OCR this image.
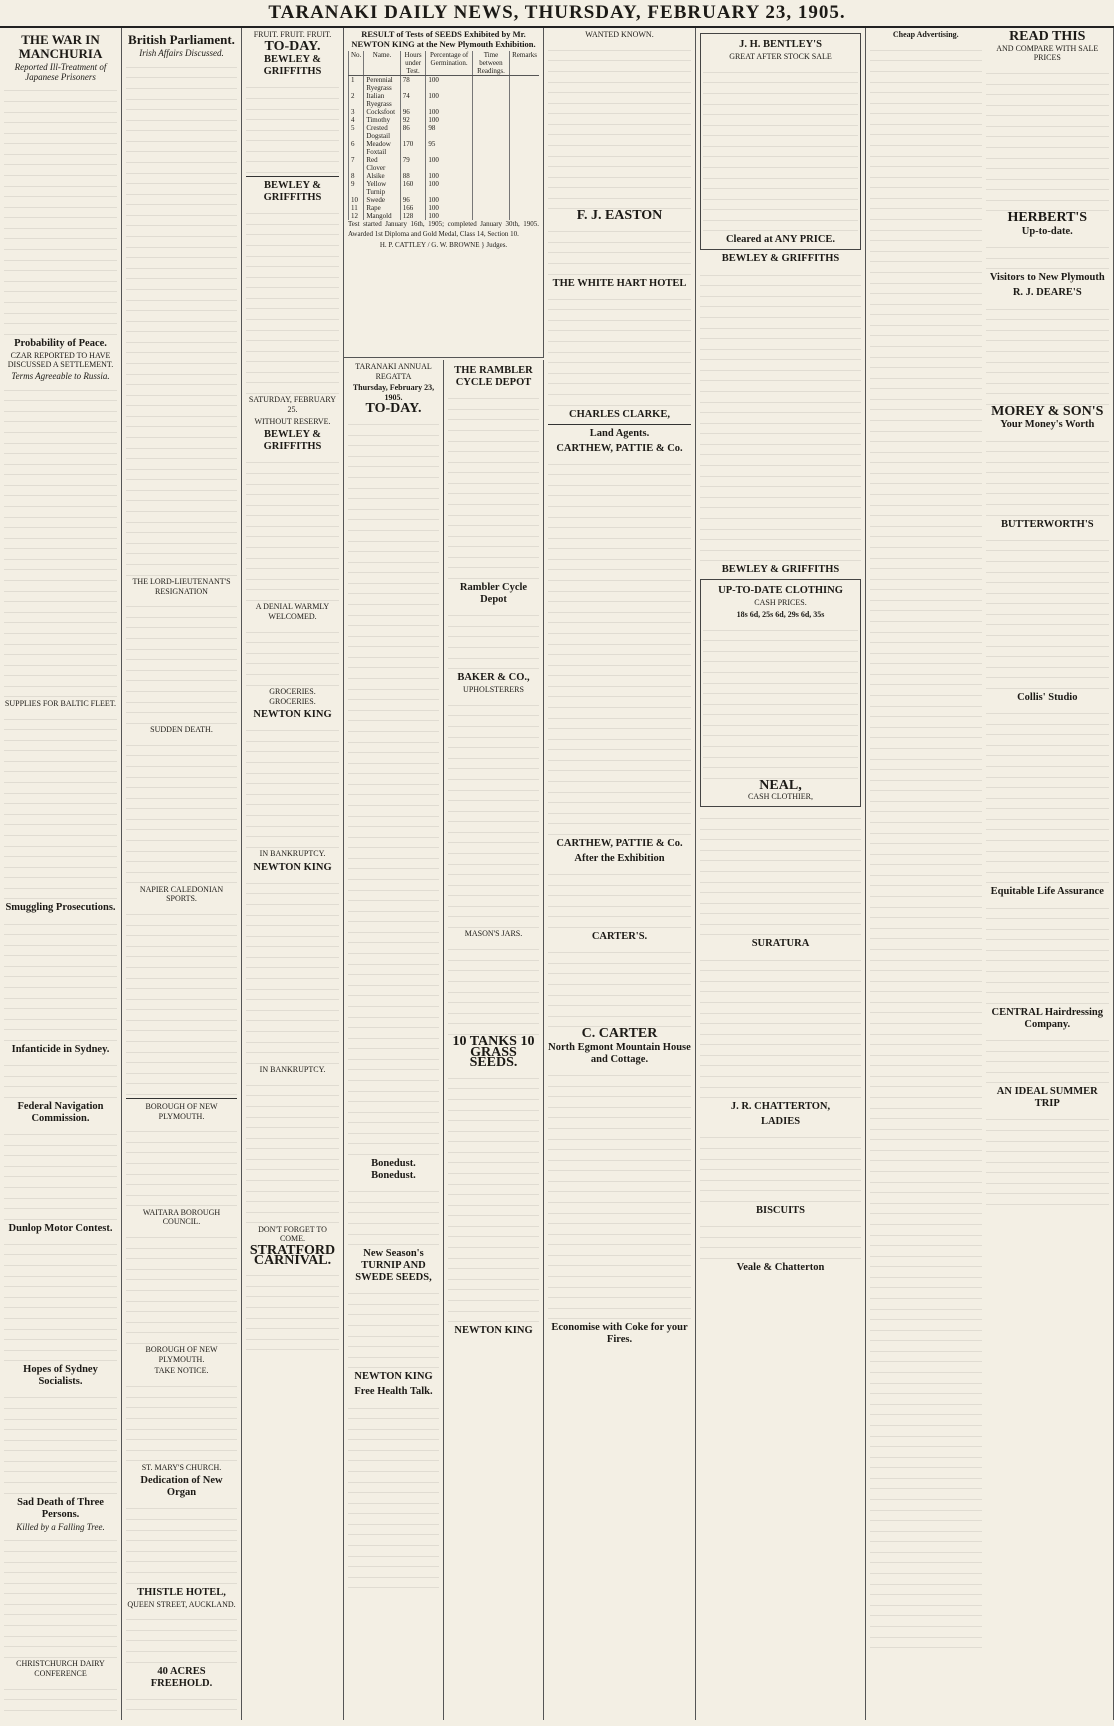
TARANAKI DAILY NEWS, THURSDAY, FEBRUARY 23, 1905.
THE WAR IN MANCHURIA
Reported Ill-Treatment of Japanese Prisoners
Probability of Peace.

CZAR REPORTED TO HAVE DISCUSSED A SETTLEMENT.

Terms Agreeable to Russia.

SUPPLIES FOR BALTIC FLEET.

Smuggling Prosecutions.
Infanticide in Sydney.
Federal Navigation Commission.
Dunlop Motor Contest.
Hopes of Sydney Socialists.
Sad Death of Three Persons.
Killed by a Falling Tree.

CHRISTCHURCH DAIRY CONFERENCE

British Parliament.
Irish Affairs Discussed.

THE LORD-LIEUTENANT'S RESIGNATION

SUDDEN DEATH.

NAPIER CALEDONIAN SPORTS.

BOROUGH OF NEW PLYMOUTH.

WAITARA BOROUGH COUNCIL.

BOROUGH OF NEW PLYMOUTH.

TAKE NOTICE.

ST. MARY'S CHURCH.

Dedication of New Organ
THISTLE HOTEL,

QUEEN STREET, AUCKLAND.

40 ACRES FREEHOLD.

FRUIT. FRUIT. FRUIT.

TO-DAY.
BEWLEY & GRIFFITHS
BEWLEY & GRIFFITHS

SATURDAY, FEBRUARY 25.

WITHOUT RESERVE.

BEWLEY & GRIFFITHS

A DENIAL WARMLY WELCOMED.

GROCERIES. GROCERIES.

NEWTON KING

IN BANKRUPTCY.

NEWTON KING

IN BANKRUPTCY.

DON'T FORGET TO COME.

STRATFORD CARNIVAL.

RESULT of Tests of SEEDS Exhibited by Mr. NEWTON KING at the New Plymouth Exhibition.

No.	Name.	Hours under Test.	Percentage of Germination.	Time between Readings.	Remarks
1	Perennial Ryegrass	78	100		
2	Italian Ryegrass	74	100		
3	Cocksfoot	96	100		
4	Timothy	92	100		
5	Crested Dogstail	86	98		
6	Meadow Foxtail	170	95		
7	Red Clover	79	100		
8	Alsike	88	100		
9	Yellow Turnip	160	100		
10	Swede	96	100		
11	Rape	166	100		
12	Mangold	128	100		

Test started January 16th, 1905; completed January 30th, 1905. Awarded 1st Diploma and Gold Medal, Class 14, Section 10.

H. P. CATTLEY / G. W. BROWNE } Judges.

TARANAKI ANNUAL REGATTA

Thursday, February 23, 1905.

TO-DAY.
Bonedust. Bonedust.
New Season's TURNIP AND SWEDE SEEDS,
NEWTON KING
Free Health Talk.
THE RAMBLER CYCLE DEPOT
Rambler Cycle Depot
BAKER & CO.,

UPHOLSTERERS

MASON'S JARS.

10 TANKS 10
GRASS SEEDS.
NEWTON KING

WANTED KNOWN.

F. J. EASTON
THE WHITE HART HOTEL
CHARLES CLARKE,
Land Agents.
CARTHEW, PATTIE & Co.
CARTHEW, PATTIE & Co.
After the Exhibition
CARTER'S.
C. CARTER
North Egmont Mountain House and Cottage.
Economise with Coke for your Fires.
J. H. BENTLEY'S

GREAT AFTER STOCK SALE

Cleared at ANY PRICE.
BEWLEY & GRIFFITHS
BEWLEY & GRIFFITHS
UP-TO-DATE CLOTHING

CASH PRICES.

18s 6d, 25s 6d, 29s 6d, 35s

NEAL,

CASH CLOTHIER,

SURATURA
J. R. CHATTERTON,
LADIES
BISCUITS
Veale & Chatterton

Cheap Advertising.	READ THIS

AND COMPARE WITH SALE PRICES

HERBERT'S
Up-to-date.
Visitors to New Plymouth
R. J. DEARE'S
MOREY & SON'S
Your Money's Worth
BUTTERWORTH'S
Collis' Studio
Equitable Life Assurance
CENTRAL Hairdressing Company.
AN IDEAL SUMMER TRIP
